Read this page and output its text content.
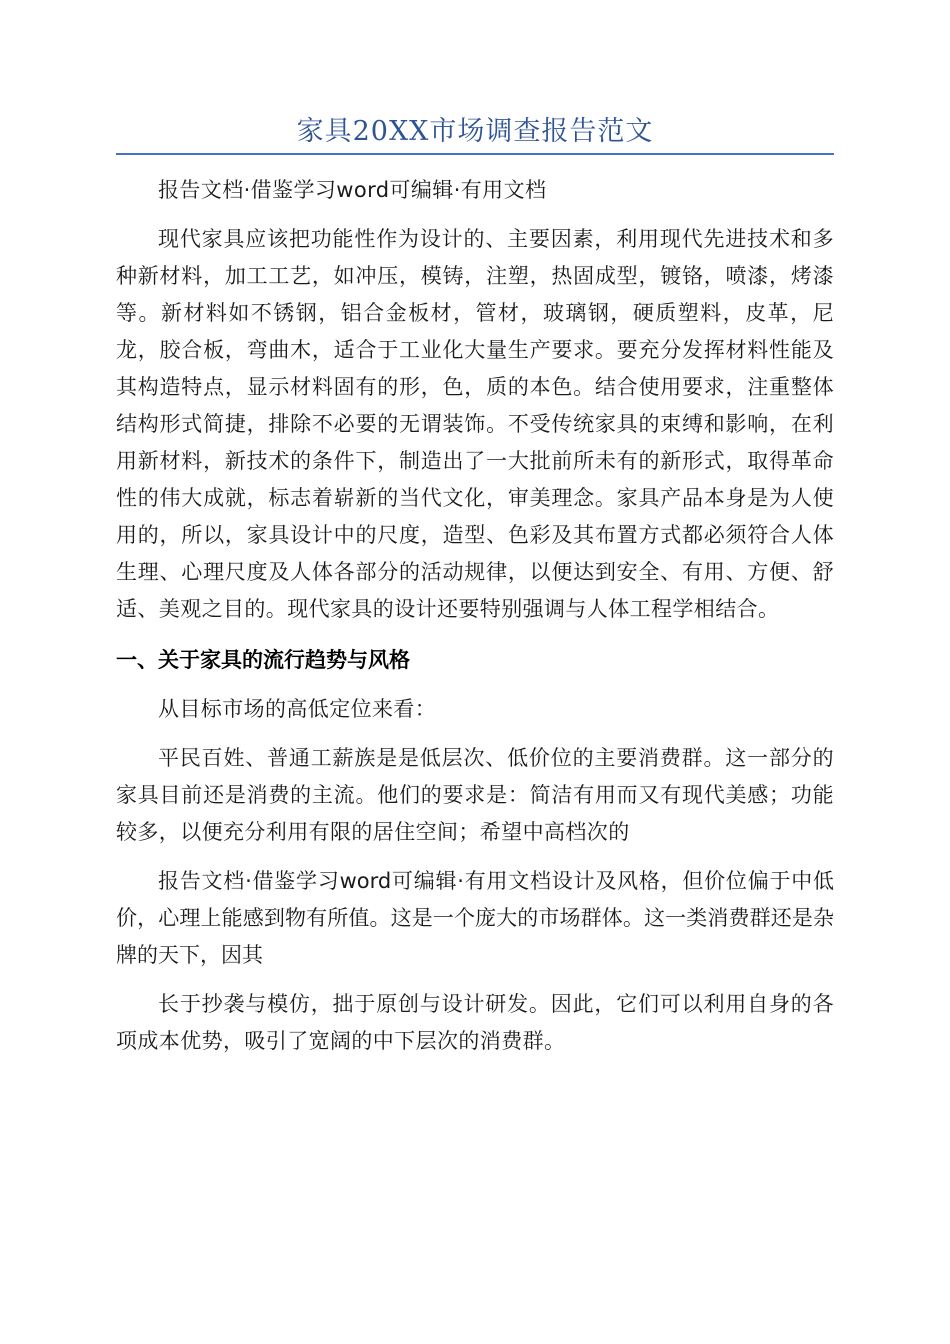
家具20XX市场调查报告范文

报告文档·借鉴学习word可编辑·有用文档

现代家具应该把功能性作为设计的、主要因素，利用现代先进技术和多种新材料，加工工艺，如冲压，模铸，注塑，热固成型，镀铬，喷漆，烤漆等。新材料如不锈钢，铝合金板材，管材，玻璃钢，硬质塑料，皮革，尼龙，胶合板，弯曲木，适合于工业化大量生产要求。要充分发挥材料性能及其构造特点，显示材料固有的形，色，质的本色。结合使用要求，注重整体结构形式简捷，排除不必要的无谓装饰。不受传统家具的束缚和影响，在利用新材料，新技术的条件下，制造出了一大批前所未有的新形式，取得革命性的伟大成就，标志着崭新的当代文化，审美理念。家具产品本身是为人使用的，所以，家具设计中的尺度，造型、色彩及其布置方式都必须符合人体生理、心理尺度及人体各部分的活动规律，以便达到安全、有用、方便、舒适、美观之目的。现代家具的设计还要特别强调与人体工程学相结合。

一、关于家具的流行趋势与风格

从目标市场的高低定位来看：

平民百姓、普通工薪族是是低层次、低价位的主要消费群。这一部分的家具目前还是消费的主流。他们的要求是：简洁有用而又有现代美感；功能较多，以便充分利用有限的居住空间；希望中高档次的

报告文档·借鉴学习word可编辑·有用文档设计及风格，但价位偏于中低价，心理上能感到物有所值。这是一个庞大的市场群体。这一类消费群还是杂牌的天下，因其

长于抄袭与模仿，拙于原创与设计研发。因此，它们可以利用自身的各项成本优势，吸引了宽阔的中下层次的消费群。
